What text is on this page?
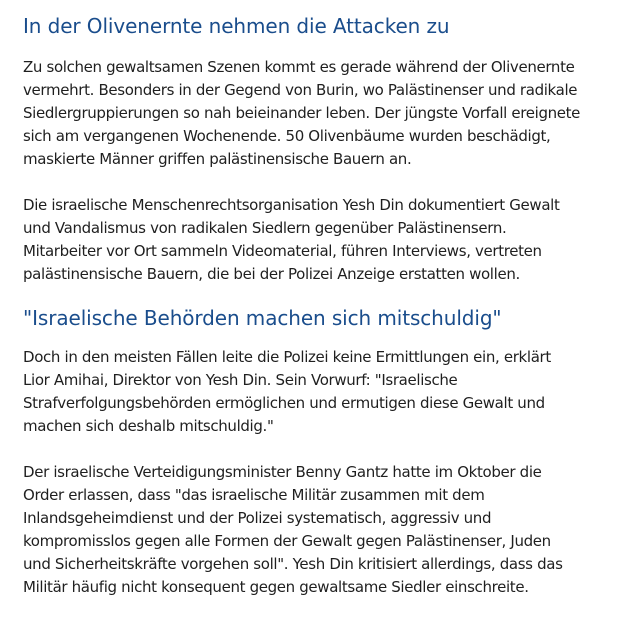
In der Olivenernte nehmen die Attacken zu

Zu solchen gewaltsamen Szenen kommt es gerade während der Olivenernte
vermehrt. Besonders in der Gegend von Burin, wo Palästinenser und radikale
Siedlergruppierungen so nah beieinander leben. Der jüngste Vorfall ereignete
sich am vergangenen Wochenende. 50 Olivenbäume wurden beschädigt,
maskierte Männer griffen palästinensische Bauern an.

Die israelische Menschenrechtsorganisation Yesh Din dokumentiert Gewalt
und Vandalismus von radikalen Siedlern gegenüber Palästinensern.
Mitarbeiter vor Ort sammeln Videomaterial, führen Interviews, vertreten
palästinensische Bauern, die bei der Polizei Anzeige erstatten wollen.

"Israelische Behörden machen sich mitschuldig"

Doch in den meisten Fällen leite die Polizei keine Ermittlungen ein, erklärt
Lior Amihai, Direktor von Yesh Din. Sein Vorwurf: "Israelische
Strafverfolgungsbehörden ermöglichen und ermutigen diese Gewalt und
machen sich deshalb mitschuldig."

Der israelische Verteidigungsminister Benny Gantz hatte im Oktober die
Order erlassen, dass "das israelische Militär zusammen mit dem
Inlandsgeheimdienst und der Polizei systematisch, aggressiv und
kompromisslos gegen alle Formen der Gewalt gegen Palästinenser, Juden
und Sicherheitskräfte vorgehen soll". Yesh Din kritisiert allerdings, dass das
Militär häufig nicht konsequent gegen gewaltsame Siedler einschreite.
